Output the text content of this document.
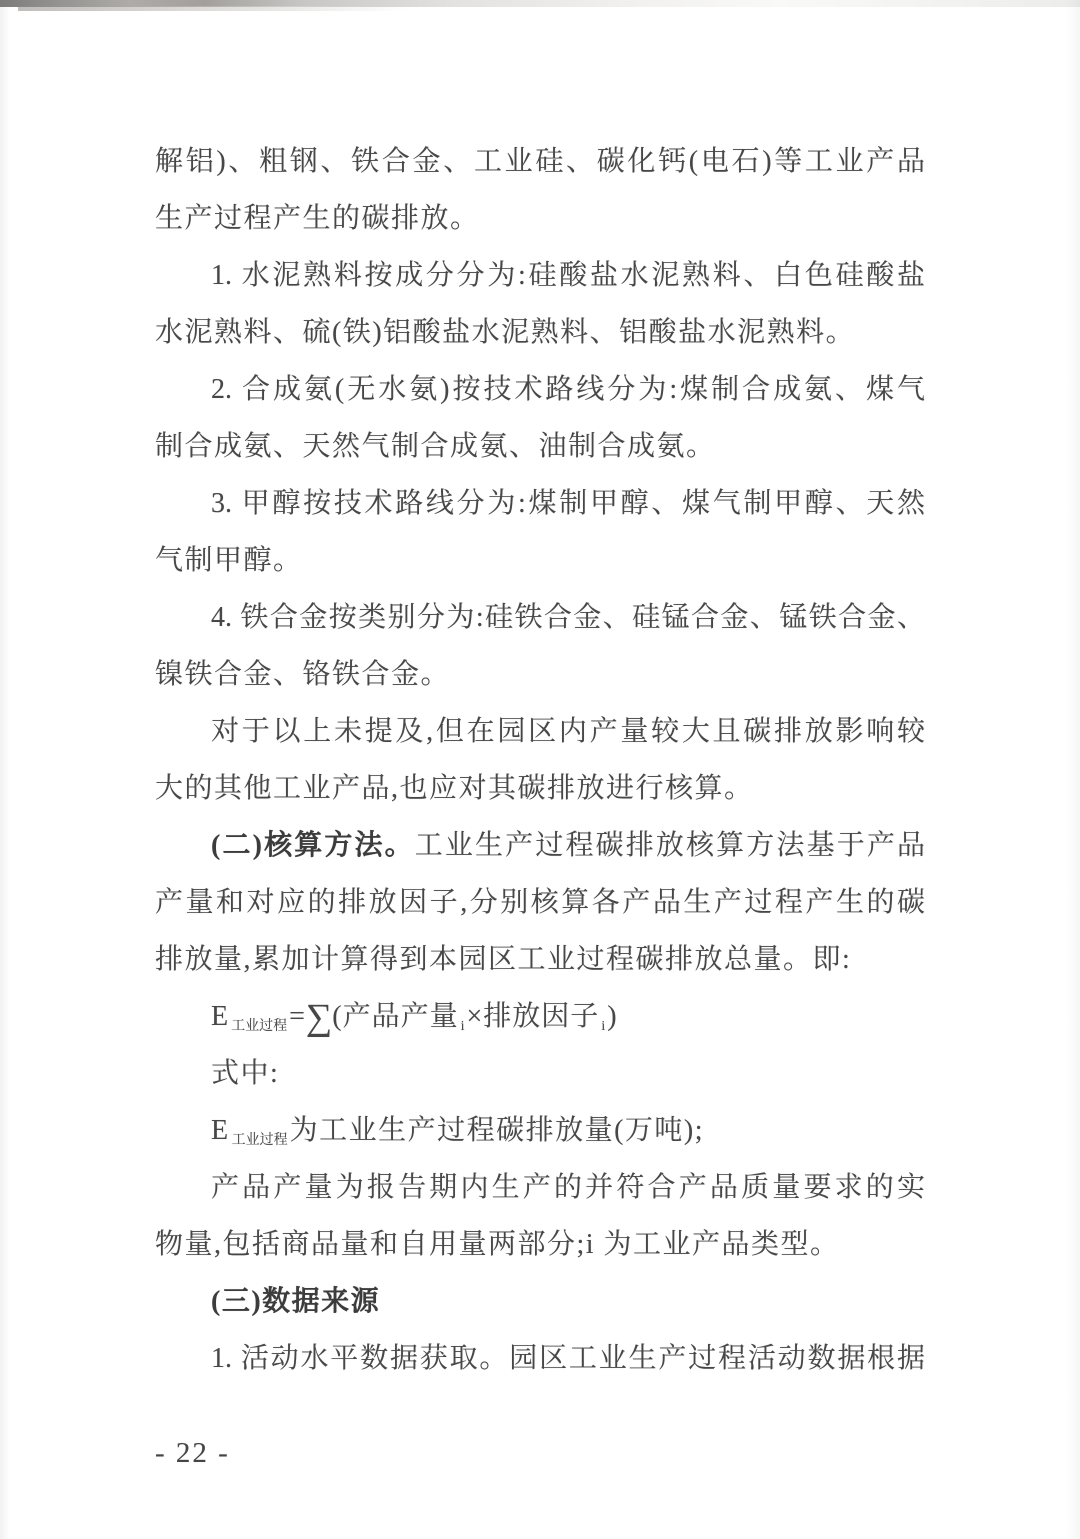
解铝)、粗钢、铁合金、工业硅、碳化钙(电石)等工业产品
生产过程产生的碳排放。
1. 水泥熟料按成分分为:硅酸盐水泥熟料、白色硅酸盐
水泥熟料、硫(铁)铝酸盐水泥熟料、铝酸盐水泥熟料。
2. 合成氨(无水氨)按技术路线分为:煤制合成氨、煤气
制合成氨、天然气制合成氨、油制合成氨。
3. 甲醇按技术路线分为:煤制甲醇、煤气制甲醇、天然
气制甲醇。
4. 铁合金按类别分为:硅铁合金、硅锰合金、锰铁合金、
镍铁合金、铬铁合金。
对于以上未提及,但在园区内产量较大且碳排放影响较
大的其他工业产品,也应对其碳排放进行核算。
(二)核算方法。工业生产过程碳排放核算方法基于产品
产量和对应的排放因子,分别核算各产品生产过程产生的碳
排放量,累加计算得到本园区工业过程碳排放总量。即:
E $_{工业过程}$=∑(产品产量 $_i$×排放因子 $_i$)
式中:
E $_{工业过程}$为工业生产过程碳排放量(万吨);
产品产量为报告期内生产的并符合产品质量要求的实
物量,包括商品量和自用量两部分;i 为工业产品类型。
(三)数据来源
1. 活动水平数据获取。园区工业生产过程活动数据根据
- 22 -
